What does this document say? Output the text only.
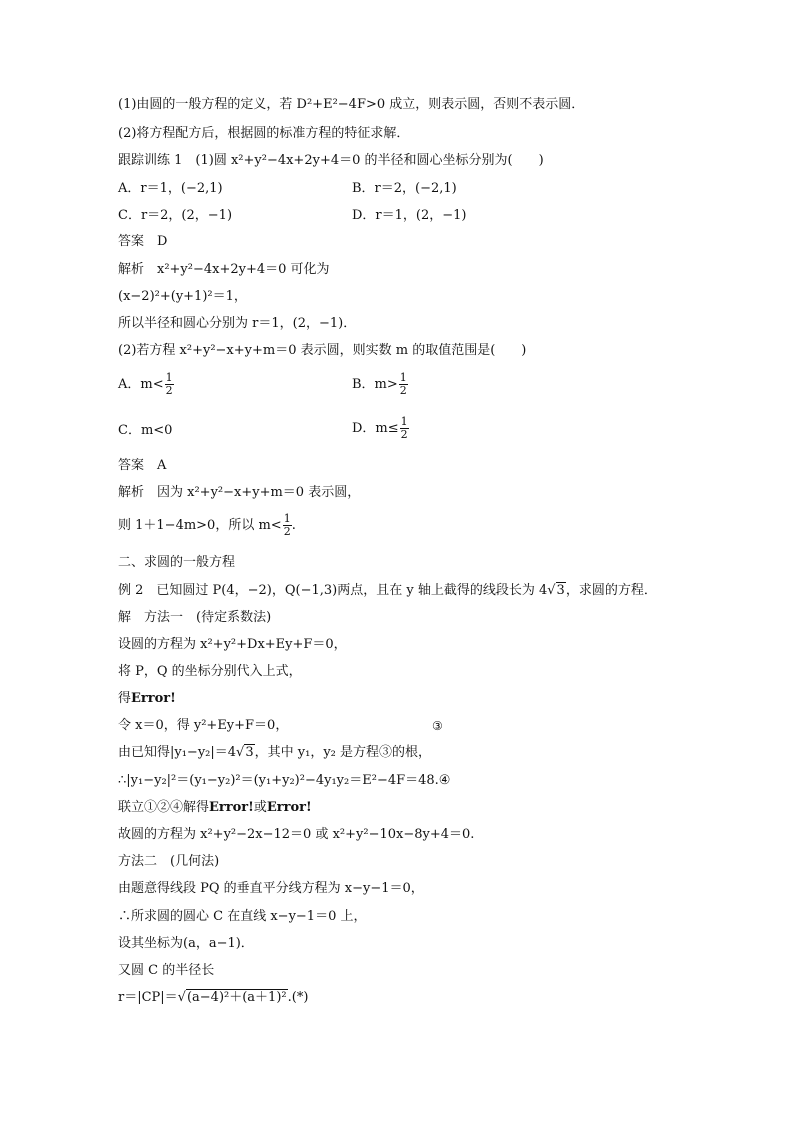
(1)由圆的一般方程的定义，若 D²+E²−4F>0 成立，则表示圆，否则不表示圆．
(2)将方程配方后，根据圆的标准方程的特征求解．
跟踪训练 1　(1)圆 x²+y²−4x+2y+4＝0 的半径和圆心坐标分别为(　　)
A．r＝1，(−2,1)	B．r＝2，(−2,1)
C．r＝2，(2，−1)	D．r＝1，(2，−1)
答案　D
解析　x²+y²−4x+2y+4＝0 可化为
(x−2)²+(y+1)²＝1，
所以半径和圆心分别为 r＝1，(2，−1)．
(2)若方程 x²+y²−x+y+m＝0 表示圆，则实数 m 的取值范围是(　　)
A．$m< \frac{1}{2}$	B．$m> \frac{1}{2}$
C．m<0	D．$m\le \frac{1}{2}$
答案　A
解析　因为 x²+y²−x+y+m＝0 表示圆，
则 1＋1−4m>0，所以 $m< \frac{1}{2}$ .
二、求圆的一般方程
例 2　已知圆过 P(4，−2)，Q(−1,3)两点，且在 y 轴上截得的线段长为 4√3，求圆的方程．
解　方法一　(待定系数法)
设圆的方程为 x²+y²+Dx+Ey+F＝0，
将 P，Q 的坐标分别代入上式，
得Error!
令 x＝0，得 y²+Ey+F＝0，	③
由已知得|y₁−y₂|＝4√3，其中 y₁，y₂ 是方程③的根，
∴|y₁−y₂|²＝(y₁−y₂)²＝(y₁+y₂)²−4y₁y₂＝E²−4F＝48.④
联立①②④解得Error!或Error!
故圆的方程为 x²+y²−2x−12＝0 或 x²+y²−10x−8y+4＝0.
方法二　(几何法)
由题意得线段 PQ 的垂直平分线方程为 x−y−1＝0，
∴所求圆的圆心 C 在直线 x−y−1＝0 上，
设其坐标为(a，a−1)．
又圆 C 的半径长
r＝|CP|＝√(a−4)²＋(a＋1)².(*)
